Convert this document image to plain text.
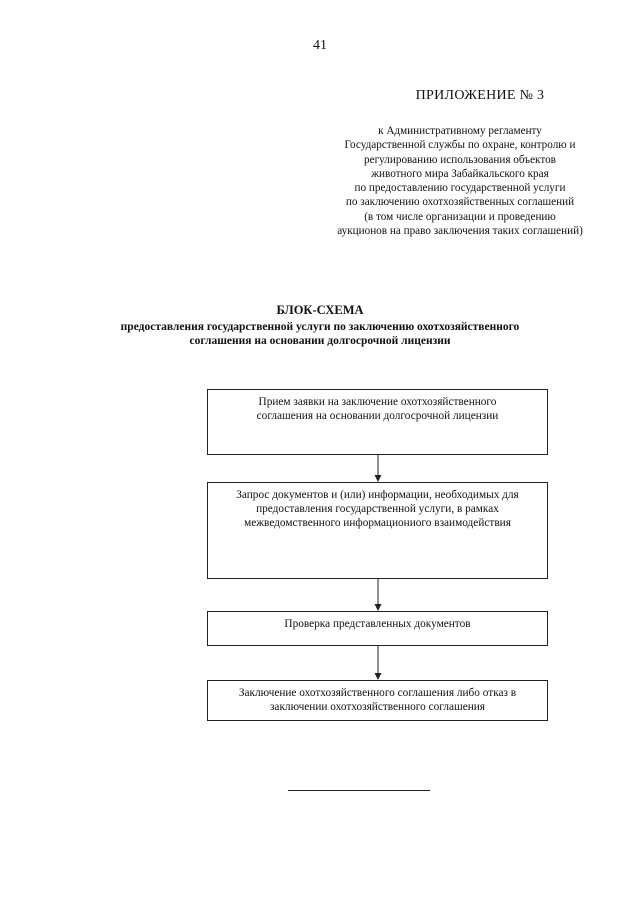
41
ПРИЛОЖЕНИЕ № 3
к Административному регламенту
Государственной службы по охране, контролю и
регулированию использования объектов
животного мира Забайкальского края
по предоставлению государственной услуги
по заключению охотхозяйственных соглашений
(в том числе организации и проведению
аукционов на право заключения таких соглашений)
БЛОК-СХЕМА
предоставления государственной услуги по заключению охотхозяйственного
соглашения на основании долгосрочной лицензии
Прием заявки на заключение охотхозяйственного
соглашения на основании долгосрочной лицензии
Запрос документов и (или) информации, необходимых для
предоставления государственной услуги, в рамках
межведомственного информациониого взаимодействия
Проверка представленных документов
Заключение охотхозяйственного соглашения либо отказ в
заключении охотхозяйственного соглашения
